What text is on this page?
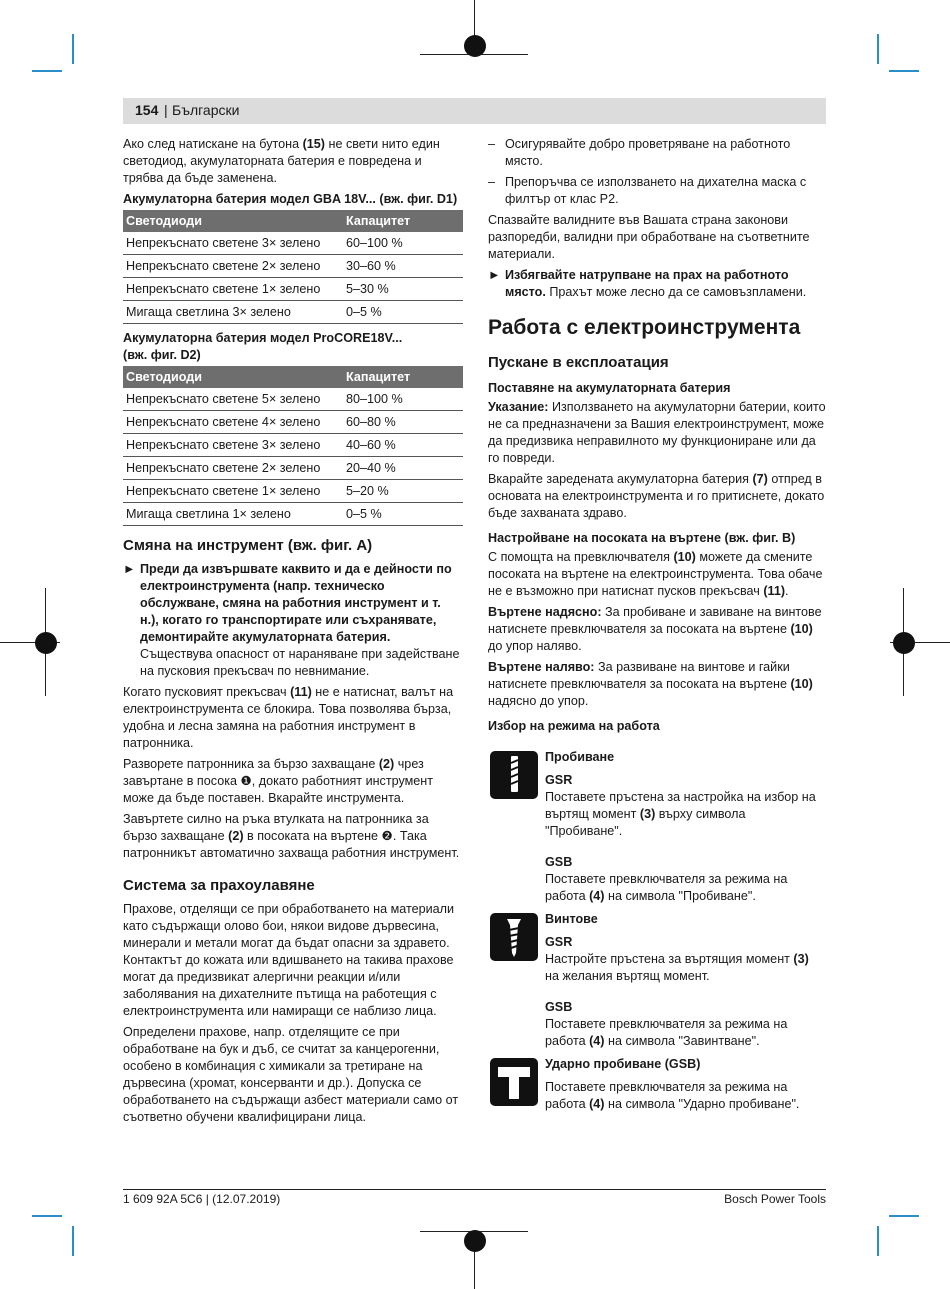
154 | Български

Ако след натискане на бутона (15) не свети нито един светодиод, акумулаторната батерия е повредена и трябва да бъде заменена.

Акумулаторна батерия модел GBA 18V... (вж. фиг. D1)
Светодиоди	Капацитет
Непрекъснато светене 3× зелено	60–100 %
Непрекъснато светене 2× зелено	30–60 %
Непрекъснато светене 1× зелено	5–30 %
Мигаща светлина 3× зелено	0–5 %
Акумулаторна батерия модел ProCORE18V...
(вж. фиг. D2)
Светодиоди	Капацитет
Непрекъснато светене 5× зелено	80–100 %
Непрекъснато светене 4× зелено	60–80 %
Непрекъснато светене 3× зелено	40–60 %
Непрекъснато светене 2× зелено	20–40 %
Непрекъснато светене 1× зелено	5–20 %
Мигаща светлина 1× зелено	0–5 %
Смяна на инструмент (вж. фиг. A)
► Преди да извършвате каквито и да е дейности по електроинструмента (напр. техническо обслужване, смяна на работния инструмент и т. н.), когато го транспортирате или съхранявате, демонтирайте акумулаторната батерия. Съществува опасност от нараняване при задействане на пусковия прекъсвач по невнимание.

Когато пусковият прекъсвач (11) не е натиснат, валът на електроинструмента се блокира. Това позволява бърза, удобна и лесна замяна на работния инструмент в патронника.

Разворете патронника за бързо захващане (2) чрез завъртане в посока ❶, докато работният инструмент може да бъде поставен. Вкарайте инструмента.

Завъртете силно на ръка втулката на патронника за бързо захващане (2) в посоката на въртене ❷. Така патронникът автоматично захваща работния инструмент.

Система за прахоулавяне

Прахове, отделящи се при обработването на материали като съдържащи олово бои, някои видове дървесина, минерали и метали могат да бъдат опасни за здравето. Контактът до кожата или вдишването на такива прахове могат да предизвикат алергични реакции и/или заболявания на дихателните пътища на работещия с електроинструмента или намиращи се наблизо лица.

Определени прахове, напр. отделящите се при обработване на бук и дъб, се считат за канцерогенни, особено в комбинация с химикали за третиране на дървесина (хромат, консерванти и др.). Допуска се обработването на съдържащи азбест материали само от съответно обучени квалифицирани лица.

– Осигурявайте добро проветряване на работното място.
– Препоръчва се използването на дихателна маска с филтър от клас P2.

Спазвайте валидните във Вашата страна законови разпоредби, валидни при обработване на съответните материали.

► Избягвайте натрупване на прах на работното място. Прахът може лесно да се самовъзпламени.
Работа с електроинструмента
Пускане в експлоатация
Поставяне на акумулаторната батерия

Указание: Използването на акумулаторни батерии, които не са предназначени за Вашия електроинструмент, може да предизвика неправилното му функциониране или да го повреди.

Вкарайте заредената акумулаторна батерия (7) отпред в основата на електроинструмента и го притиснете, докато бъде захваната здраво.

Настройване на посоката на въртене (вж. фиг. B)

С помощта на превключвателя (10) можете да смените посоката на въртене на електроинструмента. Това обаче не е възможно при натиснат пусков прекъсвач (11).

Въртене надясно: За пробиване и завиване на винтове натиснете превключвателя за посоката на въртене (10) до упор наляво.

Въртене наляво: За развиване на винтове и гайки натиснете превключвателя за посоката на въртене (10) надясно до упор.

Избор на режима на работа
Пробиване
GSR
Поставете пръстена за настройка на избор на въртящ момент (3) върху символа "Пробиване".
GSB
Поставете превключвателя за режима на работа (4) на символа "Пробиване".
Винтове
GSR
Настройте пръстена за въртящия момент (3) на желания въртящ момент.
GSB
Поставете превключвателя за режима на работа (4) на символа "Завинтване".
Ударно пробиване (GSB)
Поставете превключвателя за режима на работа (4) на символа "Ударно пробиване".
1 609 92A 5C6 | (12.07.2019)	Bosch Power Tools
